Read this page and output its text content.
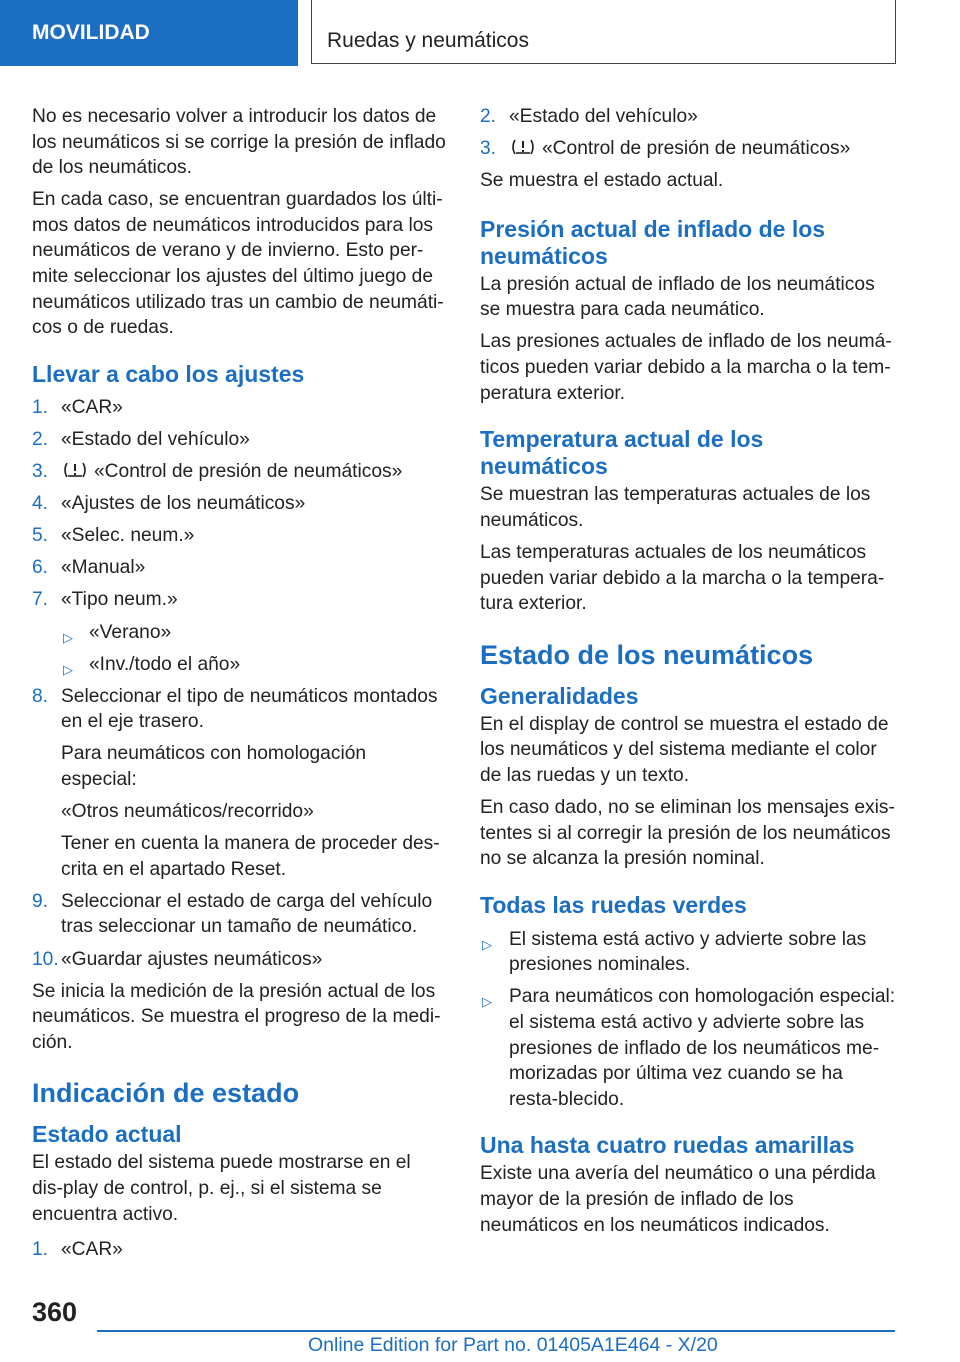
MOVILIDAD	Ruedas y neumáticos

No es necesario volver a introducir los datos de los neumáticos si se corrige la presión de inflado de los neumáticos.

En cada caso, se encuentran guardados los últi‐mos datos de neumáticos introducidos para los neumáticos de verano y de invierno. Esto per‐mite seleccionar los ajustes del último juego de neumáticos utilizado tras un cambio de neumáti‐cos o de ruedas.

Llevar a cabo los ajustes
1. «CAR»
2. «Estado del vehículo»
3. «Control de presión de neumáticos»
4. «Ajustes de los neumáticos»
5. «Selec. neum.»
6. «Manual»
7. «Tipo neum.»
▷ «Verano»
▷ «Inv./todo el año»
8. Seleccionar el tipo de neumáticos montados en el eje trasero.

Para neumáticos con homologación especial:

«Otros neumáticos/recorrido»

Tener en cuenta la manera de proceder des‐crita en el apartado Reset.

9. Seleccionar el estado de carga del vehículo tras seleccionar un tamaño de neumático.
10. «Guardar ajustes neumáticos»

Se inicia la medición de la presión actual de los neumáticos. Se muestra el progreso de la medi‐ción.

Indicación de estado
Estado actual

El estado del sistema puede mostrarse en el dis‐play de control, p. ej., si el sistema se encuentra activo.

1. «CAR»
2. «Estado del vehículo»
3. «Control de presión de neumáticos»

Se muestra el estado actual.

Presión actual de inflado de los neumáticos

La presión actual de inflado de los neumáticos se muestra para cada neumático.

Las presiones actuales de inflado de los neumá‐ticos pueden variar debido a la marcha o la tem‐peratura exterior.

Temperatura actual de los neumáticos

Se muestran las temperaturas actuales de los neumáticos.

Las temperaturas actuales de los neumáticos pueden variar debido a la marcha o la tempera‐tura exterior.

Estado de los neumáticos
Generalidades

En el display de control se muestra el estado de los neumáticos y del sistema mediante el color de las ruedas y un texto.

En caso dado, no se eliminan los mensajes exis‐tentes si al corregir la presión de los neumáticos no se alcanza la presión nominal.

Todas las ruedas verdes
▷ El sistema está activo y advierte sobre las presiones nominales.
▷ Para neumáticos con homologación especial: el sistema está activo y advierte sobre las presiones de inflado de los neumáticos me‐morizadas por última vez cuando se ha resta‐blecido.
Una hasta cuatro ruedas amarillas

Existe una avería del neumático o una pérdida mayor de la presión de inflado de los neumáticos en los neumáticos indicados.

360
Online Edition for Part no. 01405A1E464 - X/20
